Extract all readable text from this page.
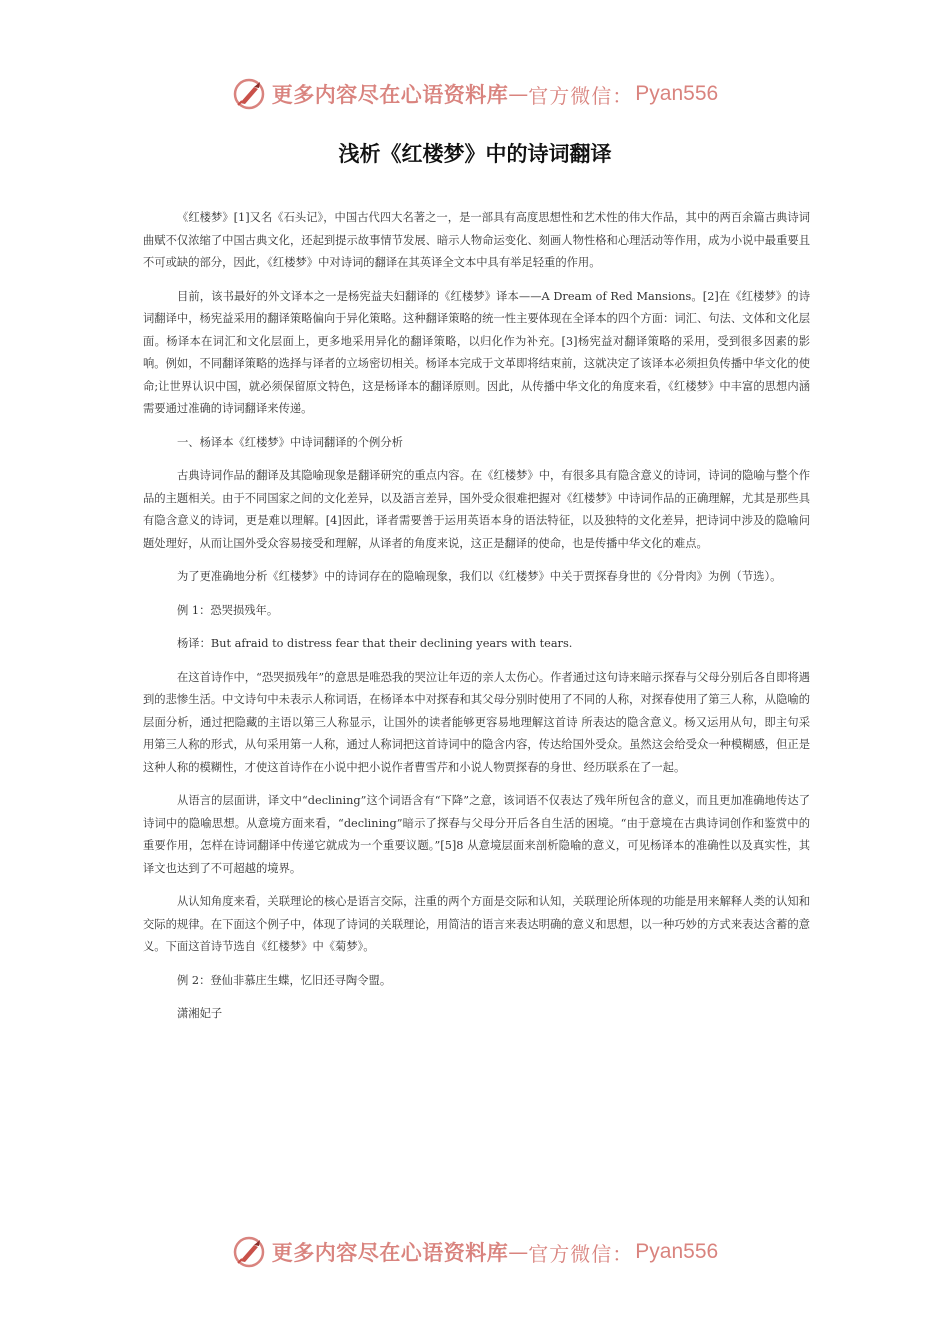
更多内容尽在心语资料库 — 官方微信： Pyan556
浅析《红楼梦》中的诗词翻译

《红楼梦》[1]又名《石头记》，中国古代四大名著之一，是一部具有高度思想性和艺术性的伟大作品，其中的两百余篇古典诗词曲赋不仅浓缩了中国古典文化，还起到提示故事情节发展、暗示人物命运变化、刻画人物性格和心理活动等作用，成为小说中最重要且不可或缺的部分，因此，《红楼梦》中对诗词的翻译在其英译全文本中具有举足轻重的作用。

目前，该书最好的外文译本之一是杨宪益夫妇翻译的《红楼梦》译本——A Dream of Red Mansions。[2]在《红楼梦》的诗词翻译中，杨宪益采用的翻译策略偏向于异化策略。这种翻译策略的统一性主要体现在全译本的四个方面：词汇、句法、文体和文化层面。杨译本在词汇和文化层面上，更多地采用异化的翻译策略，以归化作为补充。[3]杨宪益对翻译策略的采用，受到很多因素的影响。例如，不同翻译策略的选择与译者的立场密切相关。杨译本完成于文革即将结束前，这就决定了该译本必须担负传播中华文化的使命;让世界认识中国，就必须保留原文特色，这是杨译本的翻译原则。因此，从传播中华文化的角度来看，《红楼梦》中丰富的思想内涵需要通过准确的诗词翻译来传递。

一、杨译本《红楼梦》中诗词翻译的个例分析

古典诗词作品的翻译及其隐喻现象是翻译研究的重点内容。在《红楼梦》中，有很多具有隐含意义的诗词，诗词的隐喻与整个作品的主题相关。由于不同国家之间的文化差异，以及語言差异，国外受众很难把握对《红楼梦》中诗词作品的正确理解，尤其是那些具有隐含意义的诗词，更是难以理解。[4]因此，译者需要善于运用英语本身的语法特征，以及独特的文化差异，把诗词中涉及的隐喻问题处理好，从而让国外受众容易接受和理解，从译者的角度来说，这正是翻译的使命，也是传播中华文化的难点。

为了更准确地分析《红楼梦》中的诗词存在的隐喻现象，我们以《红楼梦》中关于贾探春身世的《分骨肉》为例（节选）。

例 1：恐哭损残年。

杨译：But afraid to distress fear that their declining years with tears.

在这首诗作中，“恐哭损残年”的意思是唯恐我的哭泣让年迈的亲人太伤心。作者通过这句诗来暗示探春与父母分别后各自即将遇到的悲惨生活。中文诗句中未表示人称词语，在杨译本中对探春和其父母分别时使用了不同的人称，对探春使用了第三人称，从隐喻的层面分析，通过把隐藏的主语以第三人称显示，让国外的读者能够更容易地理解这首诗 所表达的隐含意义。杨又运用从句，即主句采用第三人称的形式，从句采用第一人称，通过人称词把这首诗词中的隐含内容，传达给国外受众。虽然这会给受众一种模糊感，但正是这种人称的模糊性，才使这首诗作在小说中把小说作者曹雪芹和小说人物贾探春的身世、经历联系在了一起。

从语言的层面讲，译文中“declining”这个词语含有“下降”之意，该词语不仅表达了残年所包含的意义，而且更加准确地传达了诗词中的隐喻思想。从意境方面来看，“declining”暗示了探春与父母分开后各自生活的困境。“由于意境在古典诗词创作和鉴赏中的重要作用，怎样在诗词翻译中传递它就成为一个重要议题。”[5]8 从意境层面来剖析隐喻的意义，可见杨译本的准确性以及真实性，其译文也达到了不可超越的境界。

从认知角度来看，关联理论的核心是语言交际，注重的两个方面是交际和认知，关联理论所体现的功能是用来解释人类的认知和交际的规律。在下面这个例子中，体现了诗词的关联理论，用简洁的语言来表达明确的意义和思想，以一种巧妙的方式来表达含蓄的意义。下面这首诗节选自《红楼梦》中《菊梦》。

例 2：登仙非慕庄生蝶，忆旧还寻陶令盟。

潇湘妃子

更多内容尽在心语资料库 — 官方微信： Pyan556
